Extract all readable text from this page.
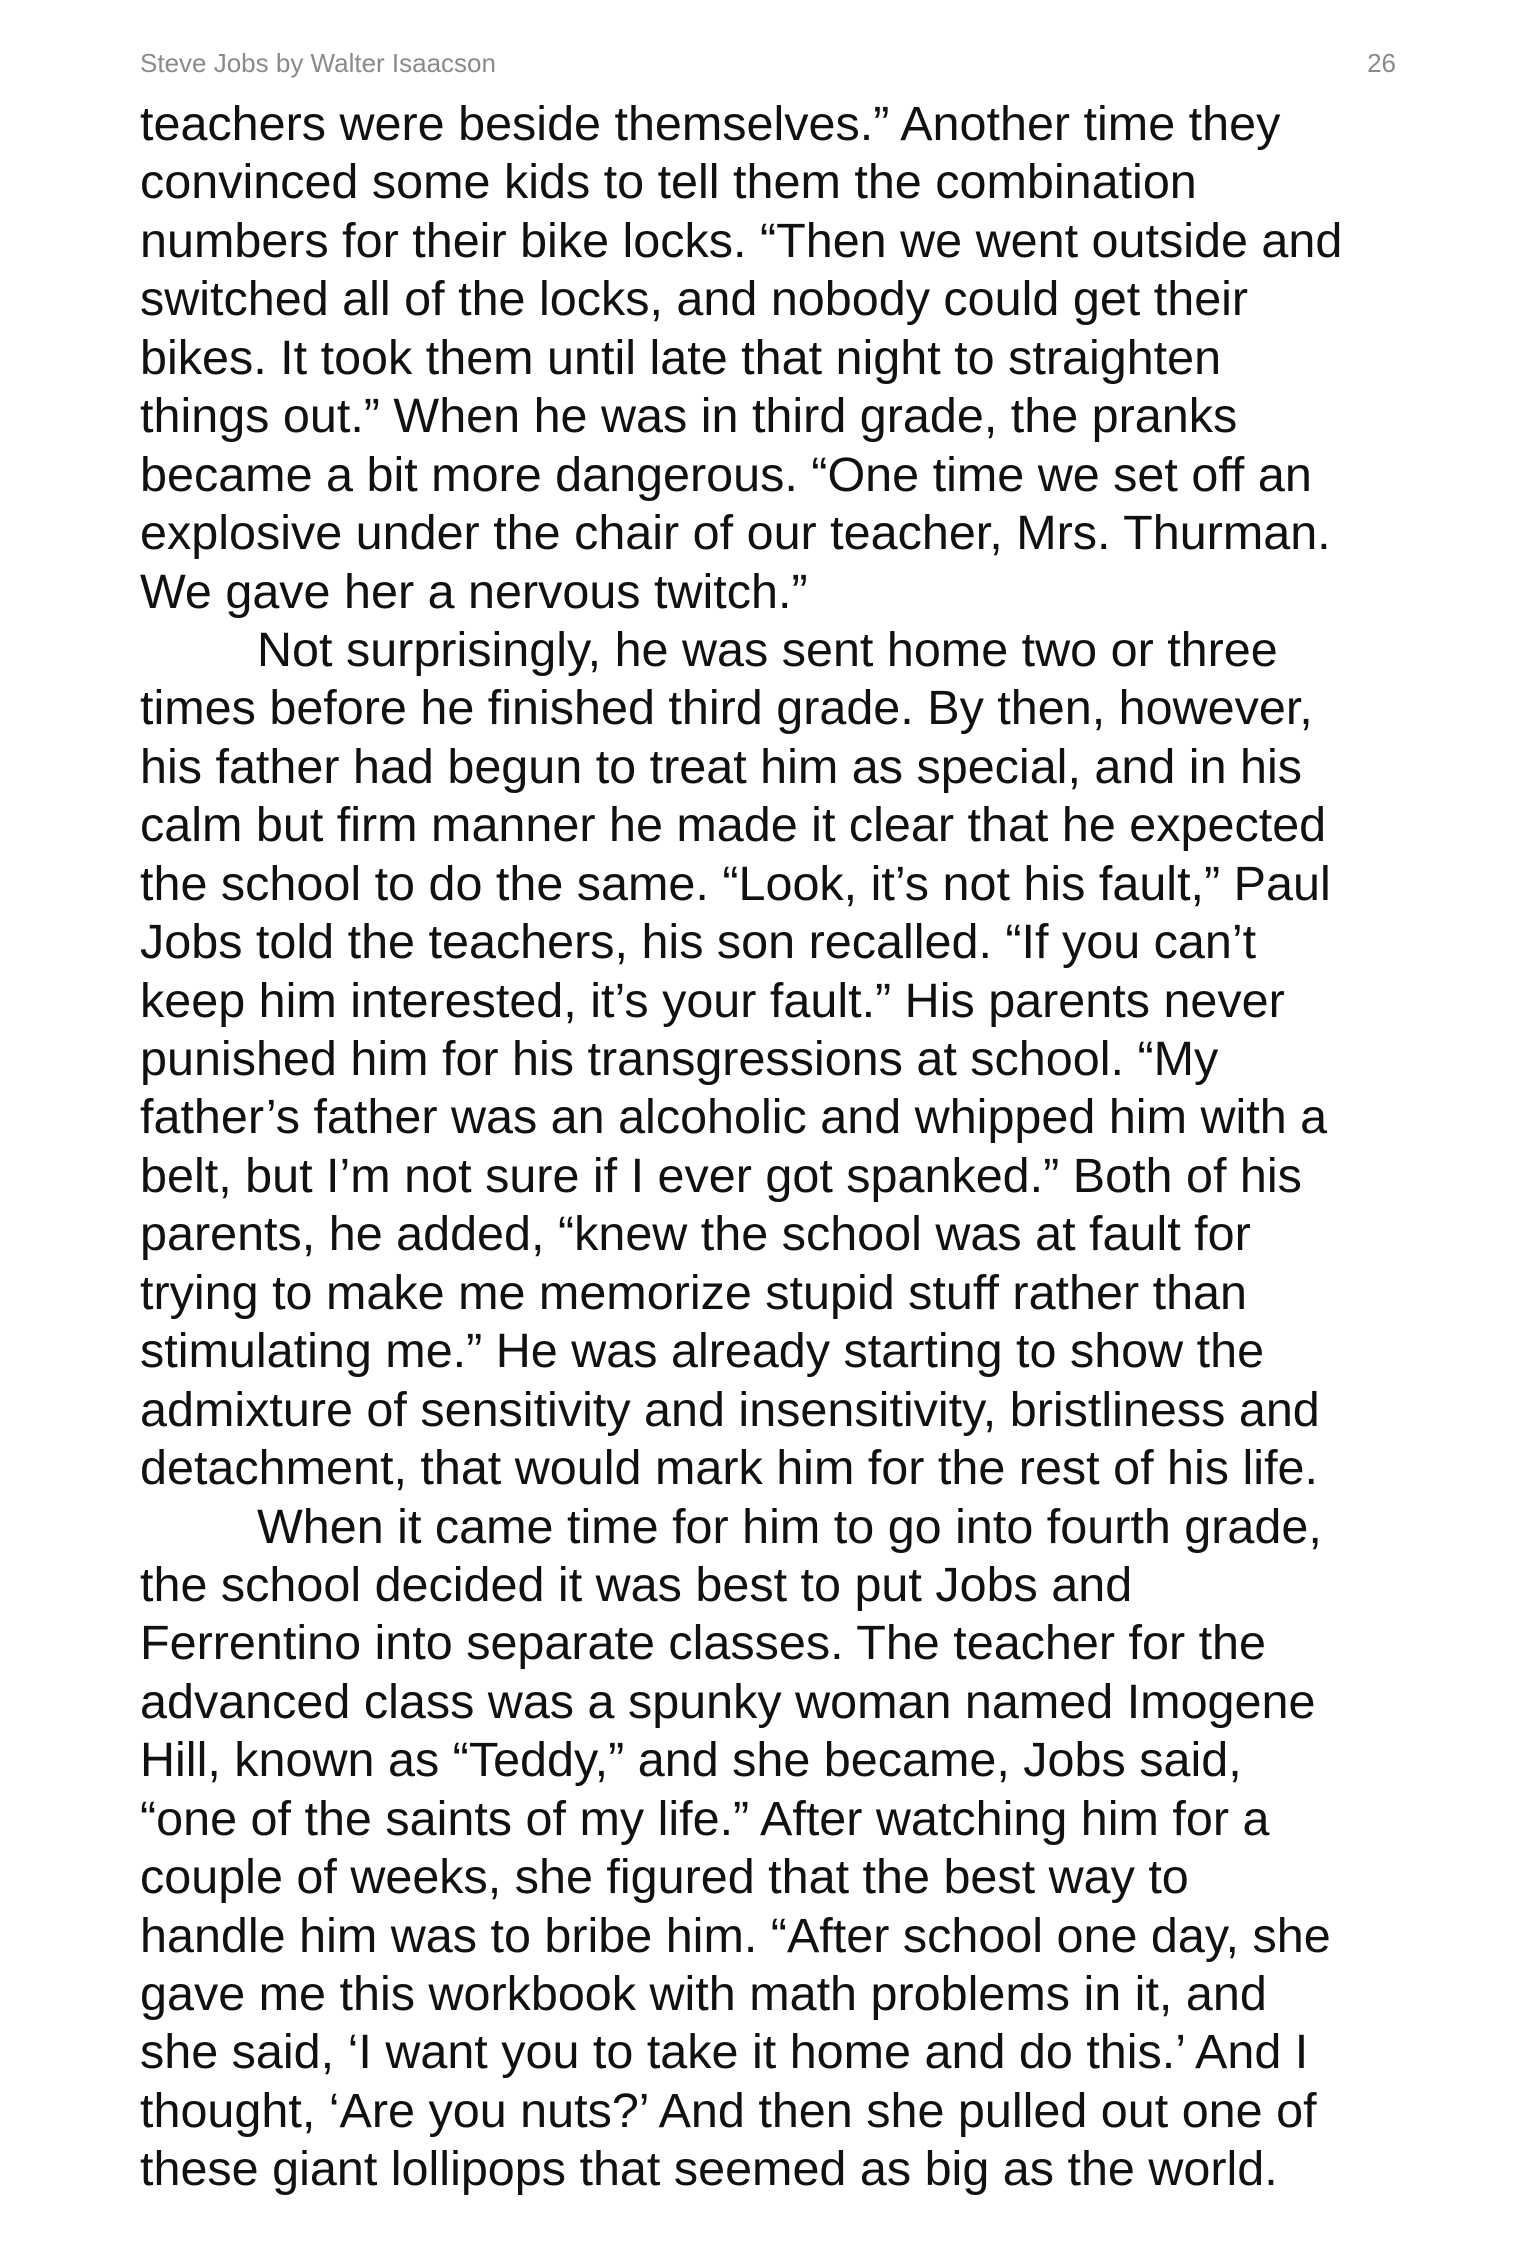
Steve Jobs by Walter Isaacson	26
teachers were beside themselves.” Another time they
convinced some kids to tell them the combination
numbers for their bike locks. “Then we went outside and
switched all of the locks, and nobody could get their
bikes. It took them until late that night to straighten
things out.” When he was in third grade, the pranks
became a bit more dangerous. “One time we set off an
explosive under the chair of our teacher, Mrs. Thurman.
We gave her a nervous twitch.”
Not surprisingly, he was sent home two or three
times before he finished third grade. By then, however,
his father had begun to treat him as special, and in his
calm but firm manner he made it clear that he expected
the school to do the same. “Look, it’s not his fault,” Paul
Jobs told the teachers, his son recalled. “If you can’t
keep him interested, it’s your fault.” His parents never
punished him for his transgressions at school. “My
father’s father was an alcoholic and whipped him with a
belt, but I’m not sure if I ever got spanked.” Both of his
parents, he added, “knew the school was at fault for
trying to make me memorize stupid stuff rather than
stimulating me.” He was already starting to show the
admixture of sensitivity and insensitivity, bristliness and
detachment, that would mark him for the rest of his life.
When it came time for him to go into fourth grade,
the school decided it was best to put Jobs and
Ferrentino into separate classes. The teacher for the
advanced class was a spunky woman named Imogene
Hill, known as “Teddy,” and she became, Jobs said,
“one of the saints of my life.” After watching him for a
couple of weeks, she figured that the best way to
handle him was to bribe him. “After school one day, she
gave me this workbook with math problems in it, and
she said, ‘I want you to take it home and do this.’ And I
thought, ‘Are you nuts?’ And then she pulled out one of
these giant lollipops that seemed as big as the world.
